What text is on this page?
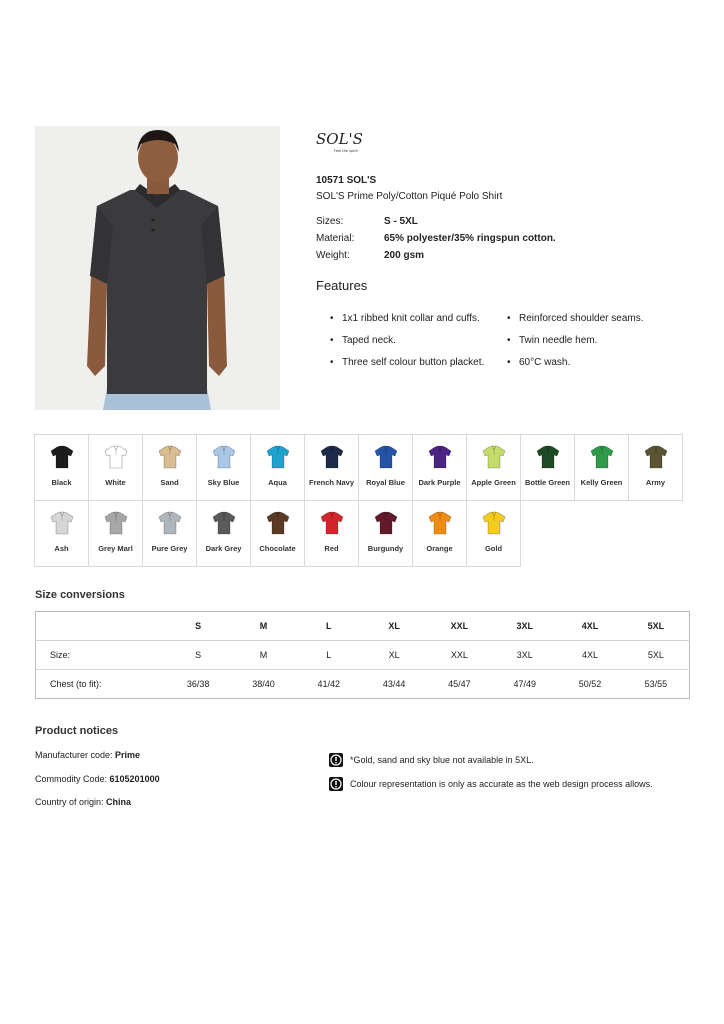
SOL'S
Feel the spirit
10571 SOL'S
SOL'S Prime Poly/Cotton Piqué Polo Shirt
Sizes:	S - 5XL
Material:	65% polyester/35% ringspun cotton.
Weight:	200 gsm
Features
• 1x1 ribbed knit collar and cuffs.
• Taped neck.
• Three self colour button placket.
• Reinforced shoulder seams.
• Twin needle hem.
• 60°C wash.
Black	White	Sand	Sky Blue	Aqua	French Navy	Royal Blue	Dark Purple	Apple Green	Bottle Green	Kelly Green	Army
Ash	Grey Marl	Pure Grey	Dark Grey	Chocolate	Red	Burgundy	Orange	Gold
Size conversions
	S	M	L	XL	XXL	3XL	4XL	5XL
Size:	S	M	L	XL	XXL	3XL	4XL	5XL
Chest (to fit):	36/38	38/40	41/42	43/44	45/47	47/49	50/52	53/55
Product notices
Manufacturer code: Prime
Commodity Code: 6105201000
Country of origin: China
*Gold, sand and sky blue not available in 5XL.
Colour representation is only as accurate as the web design process allows.
